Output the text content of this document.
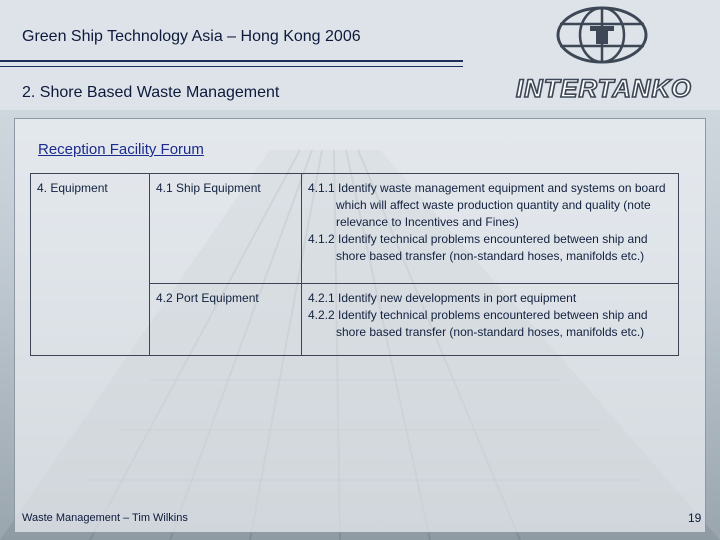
Green Ship Technology Asia – Hong Kong 2006
2. Shore Based Waste Management	INTERTANKO
Reception Facility Forum
4. Equipment	4.1 Ship Equipment	4.1.1 Identify waste management equipment and systems on board which will affect waste production quantity and quality (note relevance to Incentives and Fines)
4.1.2 Identify technical problems encountered between ship and shore based transfer (non-standard hoses, manifolds etc.)

	4.2 Port Equipment	4.2.1 Identify new developments in port equipment
4.2.2 Identify technical problems encountered between ship and shore based transfer (non-standard hoses, manifolds etc.)
Waste Management – Tim Wilkins	19
